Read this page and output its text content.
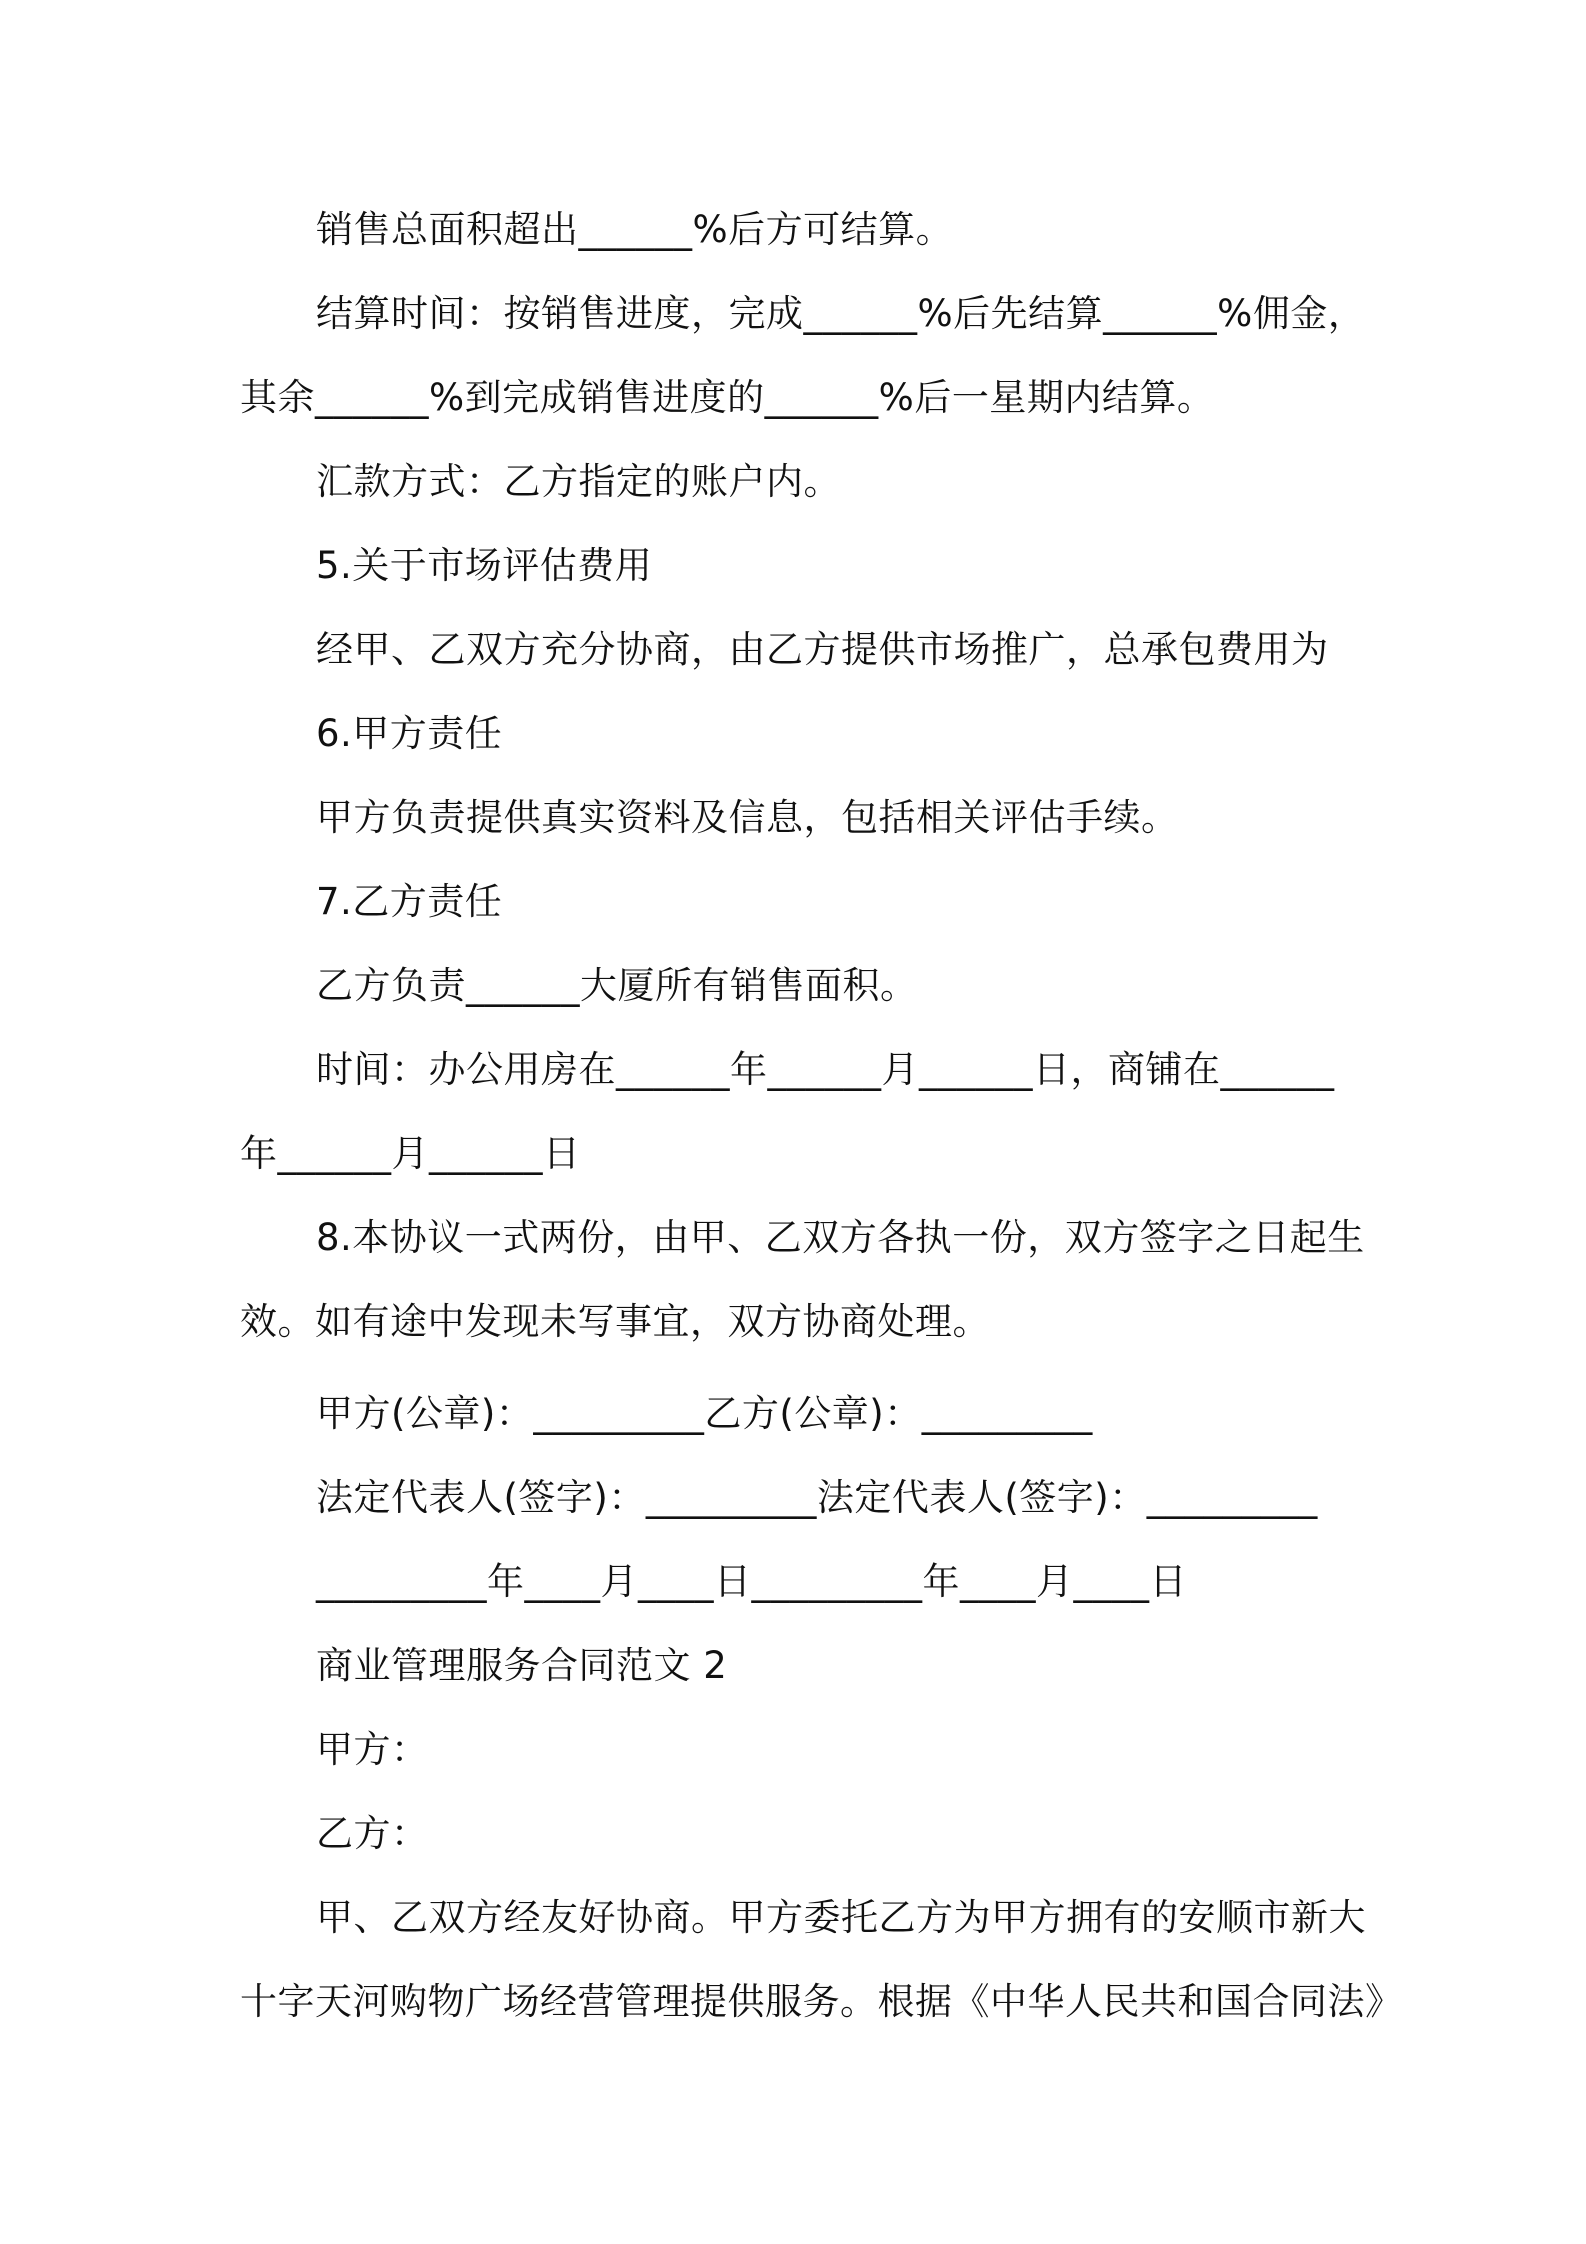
销售总面积超出______%后方可结算。
结算时间：按销售进度，完成______%后先结算______%佣金，
其余______%到完成销售进度的______%后一星期内结算。
汇款方式：乙方指定的账户内。
5.关于市场评估费用
经甲、乙双方充分协商，由乙方提供市场推广，总承包费用为
6.甲方责任
甲方负责提供真实资料及信息，包括相关评估手续。
7.乙方责任
乙方负责______大厦所有销售面积。
时间：办公用房在______年______月______日，商铺在______
年______月______日
8.本协议一式两份，由甲、乙双方各执一份，双方签字之日起生
效。如有途中发现未写事宜，双方协商处理。
甲方(公章)：_________乙方(公章)：_________
法定代表人(签字)：_________法定代表人(签字)：_________
_________年____月____日_________年____月____日
商业管理服务合同范文 2
甲方：
乙方：
甲、乙双方经友好协商。甲方委托乙方为甲方拥有的安顺市新大
十字天河购物广场经营管理提供服务。根据《中华人民共和国合同法》
